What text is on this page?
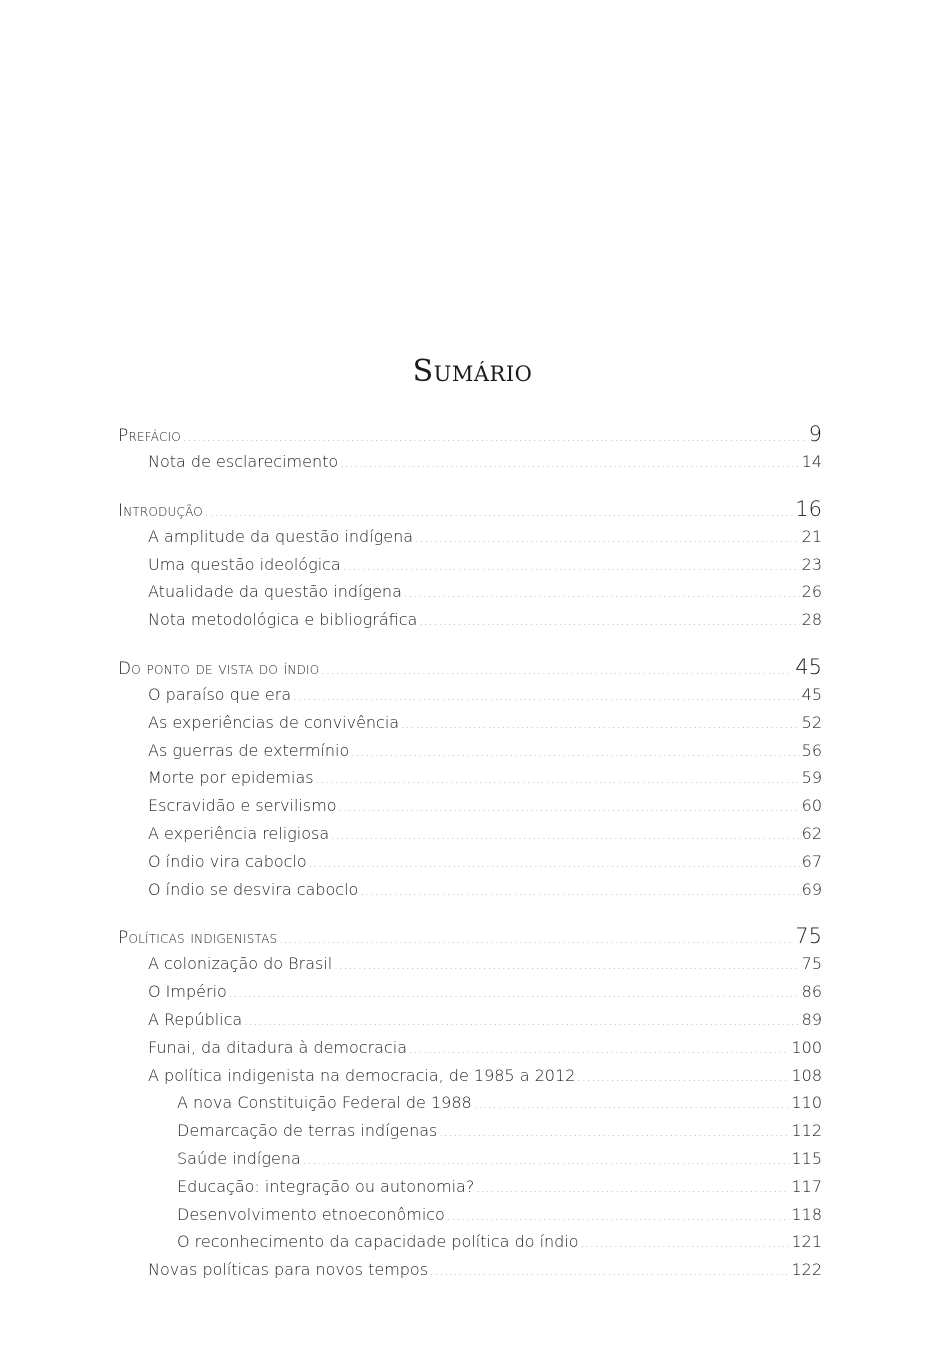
Sumário
Prefácio .....	9
Nota de esclarecimento .....	14
Introdução .....	16
A amplitude da questão indígena .....	21
Uma questão ideológica .....	23
Atualidade da questão indígena .....	26
Nota metodológica e bibliográfica .....	28
Do ponto de vista do índio .....	45
O paraíso que era .....	45
As experiências de convivência .....	52
As guerras de extermínio .....	56
Morte por epidemias .....	59
Escravidão e servilismo .....	60
A experiência religiosa .....	62
O índio vira caboclo .....	67
O índio se desvira caboclo .....	69
Políticas indigenistas .....	75
A colonização do Brasil .....	75
O Império .....	86
A República .....	89
Funai, da ditadura à democracia .....	100
A política indigenista na democracia, de 1985 a 2012 .....	108
A nova Constituição Federal de 1988 .....	110
Demarcação de terras indígenas .....	112
Saúde indígena .....	115
Educação: integração ou autonomia? .....	117
Desenvolvimento etnoeconômico .....	118
O reconhecimento da capacidade política do índio .....	121
Novas políticas para novos tempos .....	122
